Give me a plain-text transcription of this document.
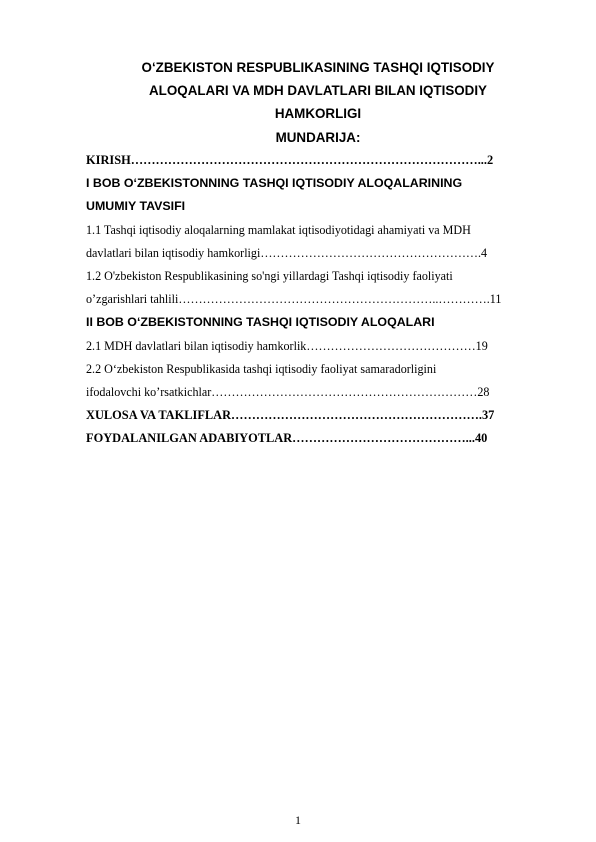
O‘ZBEKISTON RESPUBLIKASINING TASHQI IQTISODIY
ALOQALARI VA MDH DAVLATLARI BILAN IQTISODIY
HAMKORLIGI
MUNDARIJA:
KIRISH…………………………………………………………………………...2
I BOB O‘ZBEKISTONNING TASHQI IQTISODIY ALOQALARINING
UMUMIY TAVSIFI
1.1 Tashqi iqtisodiy aloqalarning mamlakat iqtisodiyotidagi ahamiyati va MDH
davlatlari bilan iqtisodiy hamkorligi……………………………………………….4
1.2 O'zbekiston Respublikasining so'ngi yillardagi Tashqi iqtisodiy faoliyati
o’zgarishlari tahlili………………………………………………………..………….11
II BOB O‘ZBEKISTONNING TASHQI IQTISODIY ALOQALARI
2.1 MDH davlatlari bilan iqtisodiy hamkorlik……………………………………19
2.2 O‘zbekiston Respublikasida tashqi iqtisodiy faoliyat samaradorligini
ifodalovchi ko’rsatkichlar…………………………………………………………28
XULOSA VA TAKLIFLAR…………………………………………………….37
FOYDALANILGAN ADABIYOTLAR……………………………………...40
1
